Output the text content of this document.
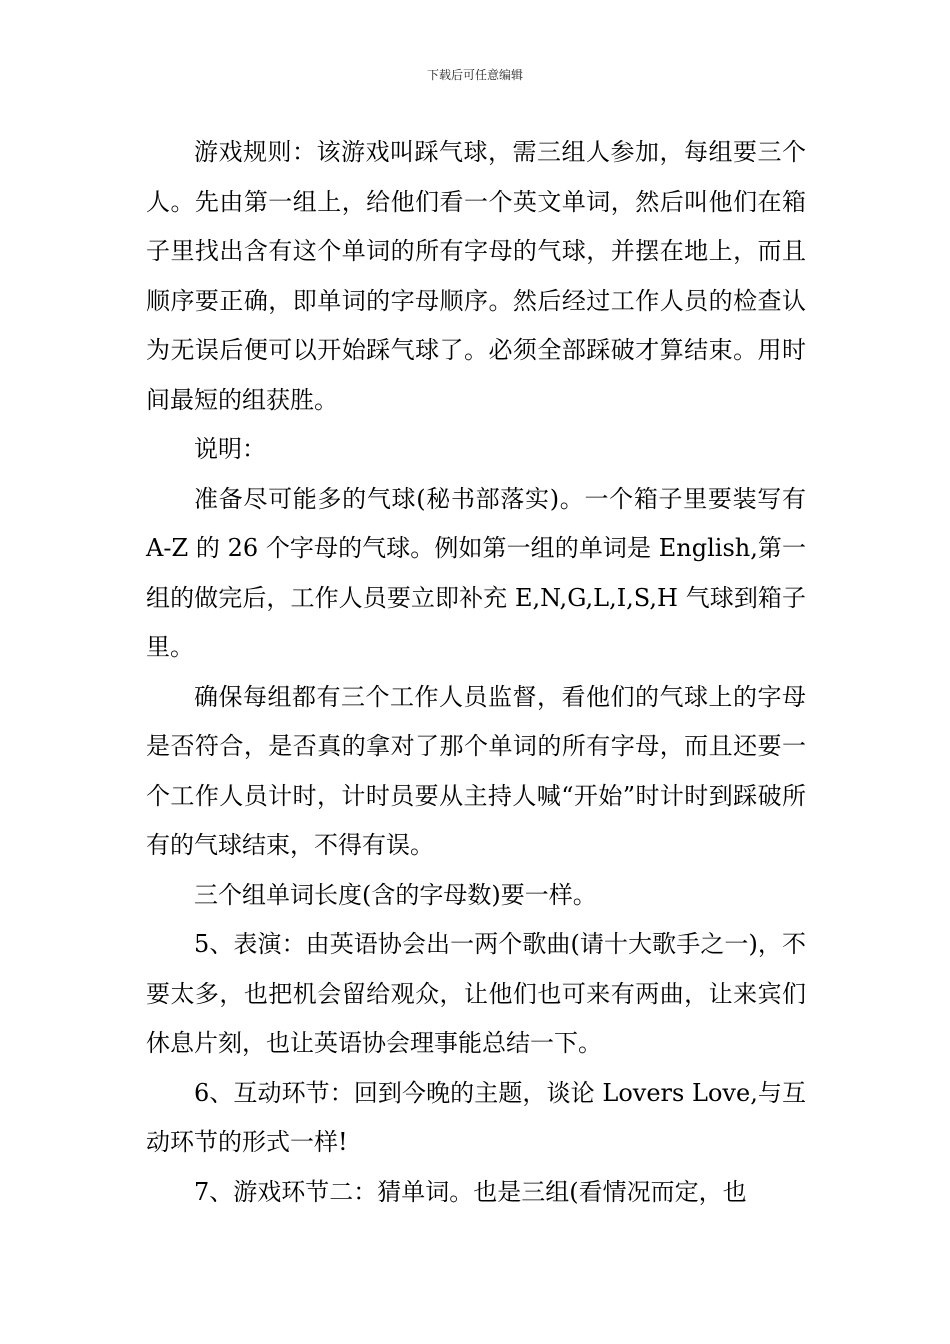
下载后可任意编辑

游戏规则：该游戏叫踩气球，需三组人参加，每组要三个人。先由第一组上，给他们看一个英文单词，然后叫他们在箱子里找出含有这个单词的所有字母的气球，并摆在地上，而且顺序要正确，即单词的字母顺序。然后经过工作人员的检查认为无误后便可以开始踩气球了。必须全部踩破才算结束。用时间最短的组获胜。

说明：

准备尽可能多的气球(秘书部落实)。一个箱子里要装写有 A-Z 的 26 个字母的气球。例如第一组的单词是 English,第一组的做完后，工作人员要立即补充 E,N,G,L,I,S,H 气球到箱子里。

确保每组都有三个工作人员监督，看他们的气球上的字母是否符合，是否真的拿对了那个单词的所有字母，而且还要一个工作人员计时，计时员要从主持人喊“开始”时计时到踩破所有的气球结束，不得有误。

三个组单词长度(含的字母数)要一样。

5、表演：由英语协会出一两个歌曲(请十大歌手之一)，不要太多，也把机会留给观众，让他们也可来有两曲，让来宾们休息片刻，也让英语协会理事能总结一下。

6、互动环节：回到今晚的主题，谈论 Lovers Love,与互动环节的形式一样!

7、游戏环节二：猜单词。也是三组(看情况而定，也
